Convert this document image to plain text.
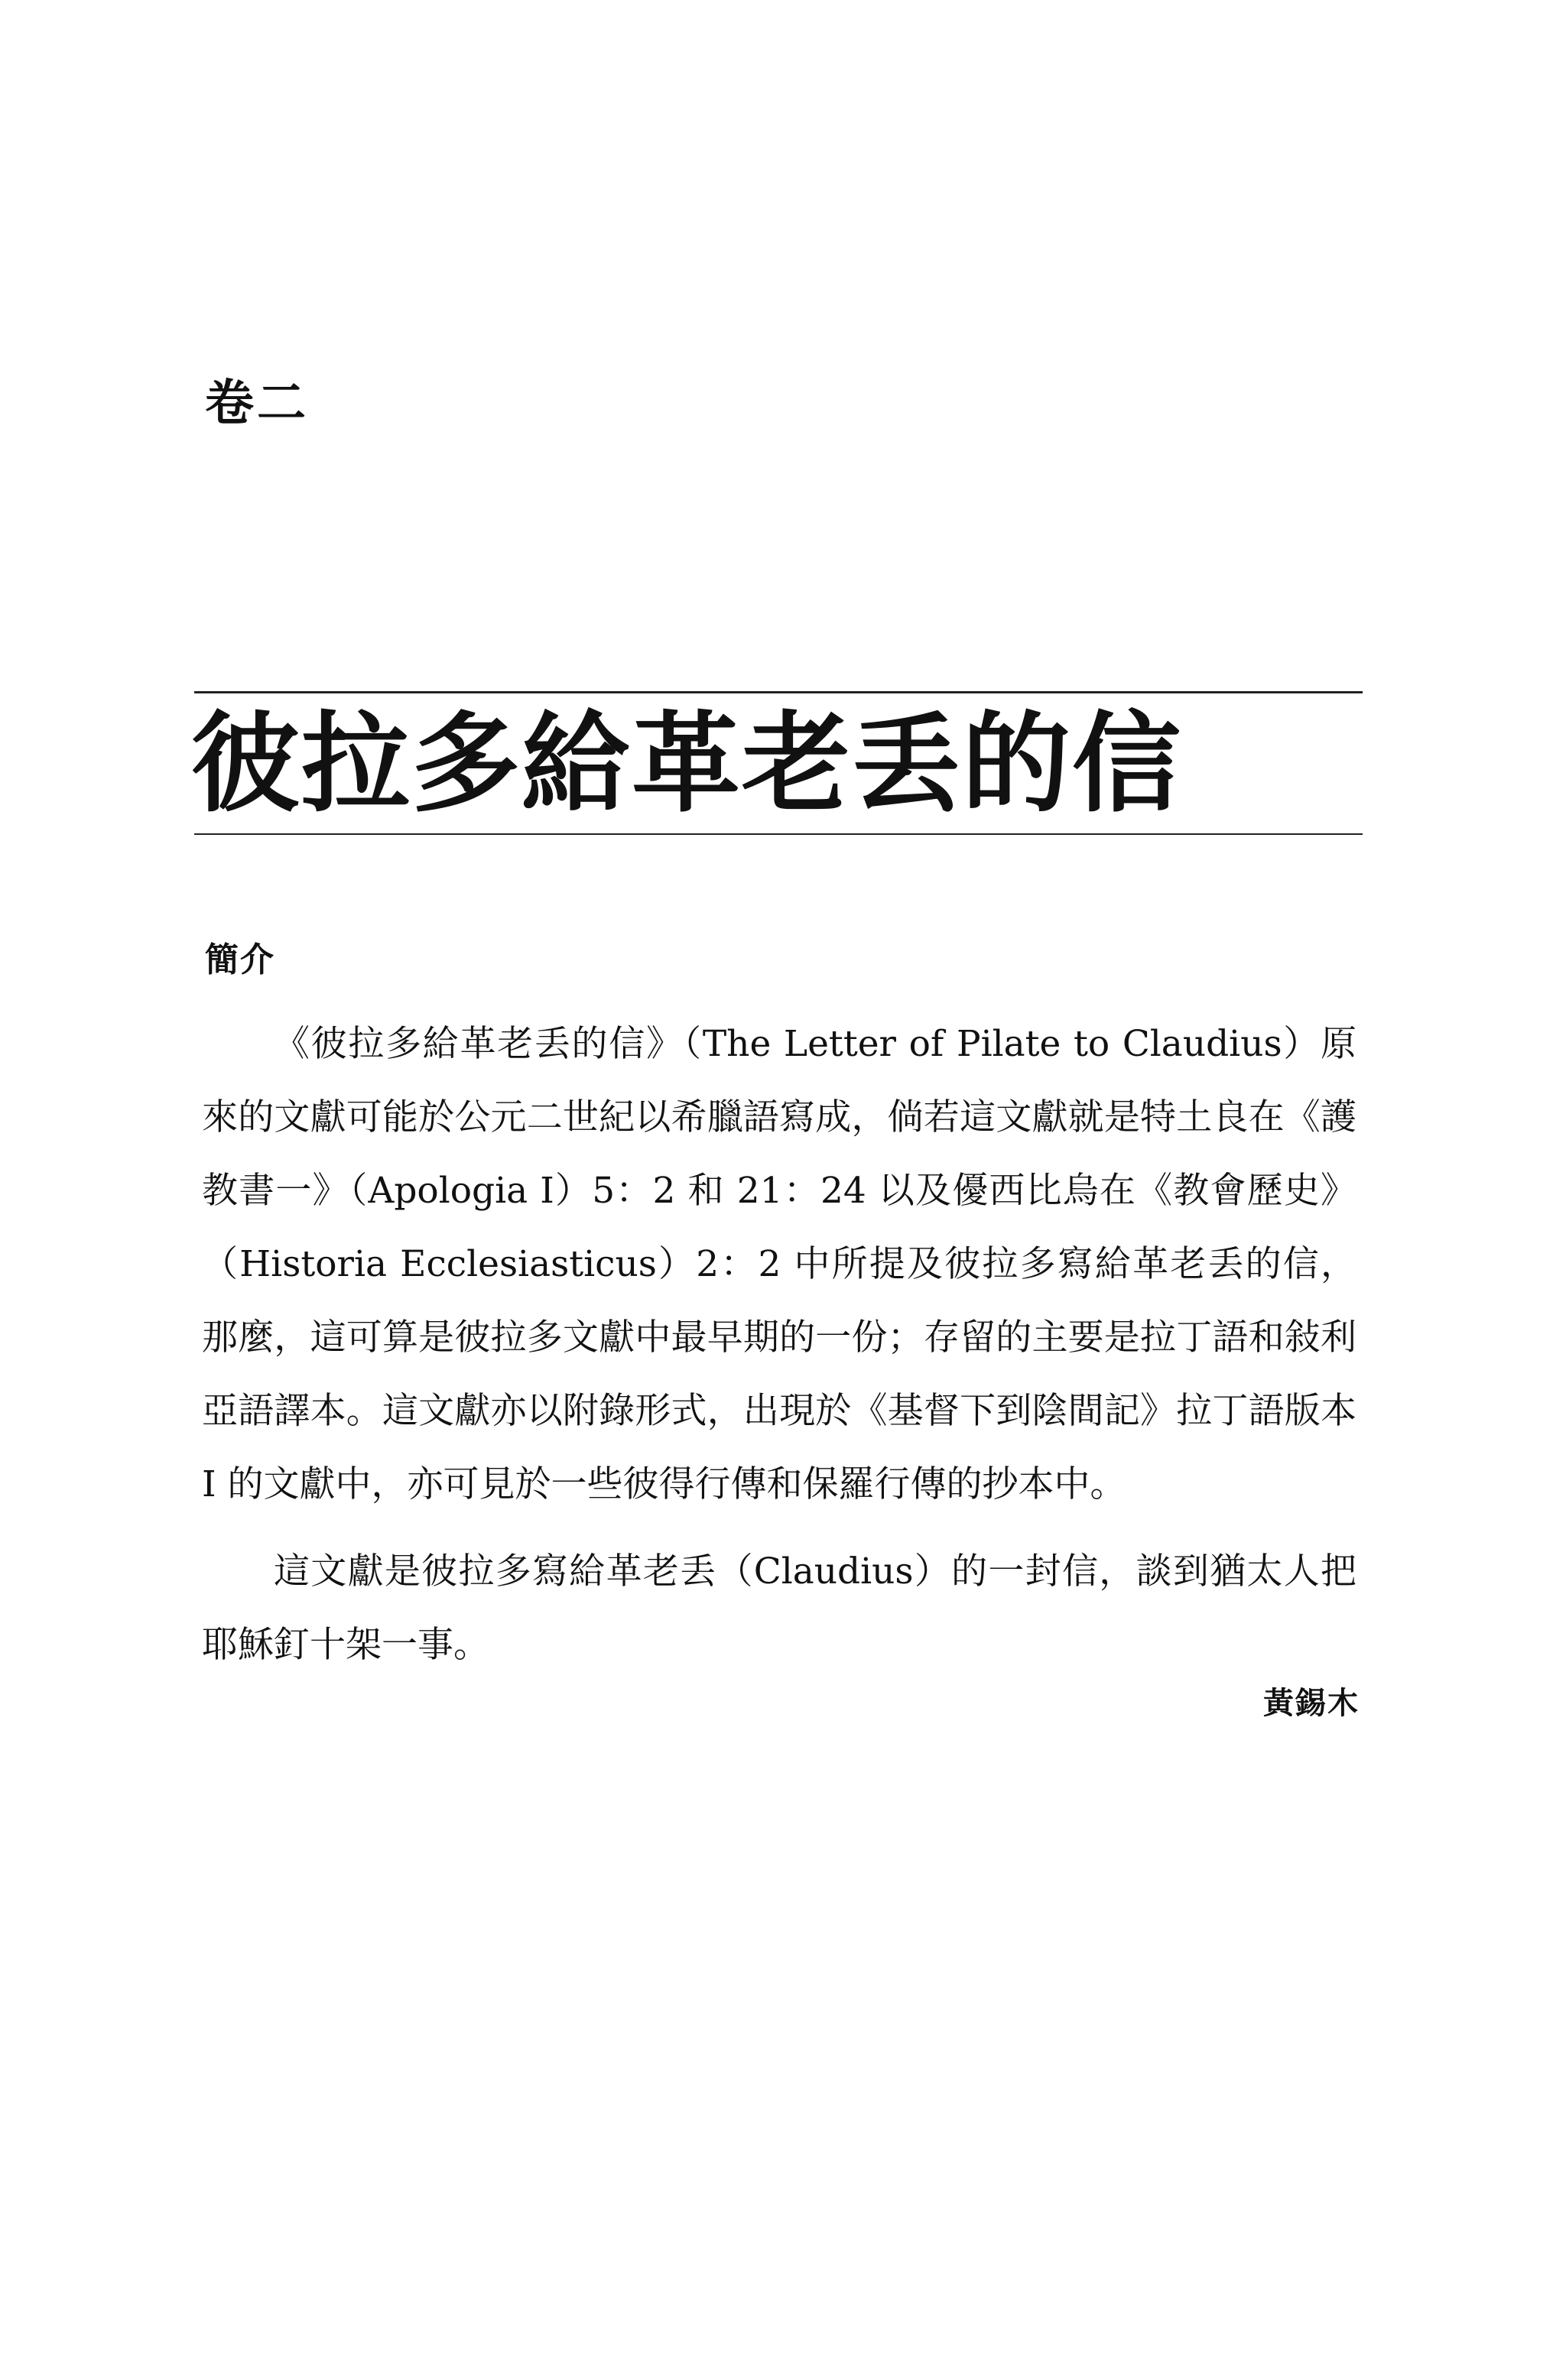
卷二
彼拉多給革老丢的信
簡介

《彼拉多給革老丢的信》（The Letter of Pilate to Claudius）原來的文獻可能於公元二世紀以希臘語寫成，倘若這文獻就是特土良在《護教書一》（Apologia I）5：2 和 21：24 以及優西比烏在《教會歷史》（Historia Ecclesiasticus）2：2 中所提及彼拉多寫給革老丢的信，那麼，這可算是彼拉多文獻中最早期的一份；存留的主要是拉丁語和敍利亞語譯本。這文獻亦以附錄形式，出現於《基督下到陰間記》拉丁語版本 I 的文獻中，亦可見於一些彼得行傳和保羅行傳的抄本中。

這文獻是彼拉多寫給革老丢（Claudius）的一封信，談到猶太人把耶穌釘十架一事。

黃錫木
